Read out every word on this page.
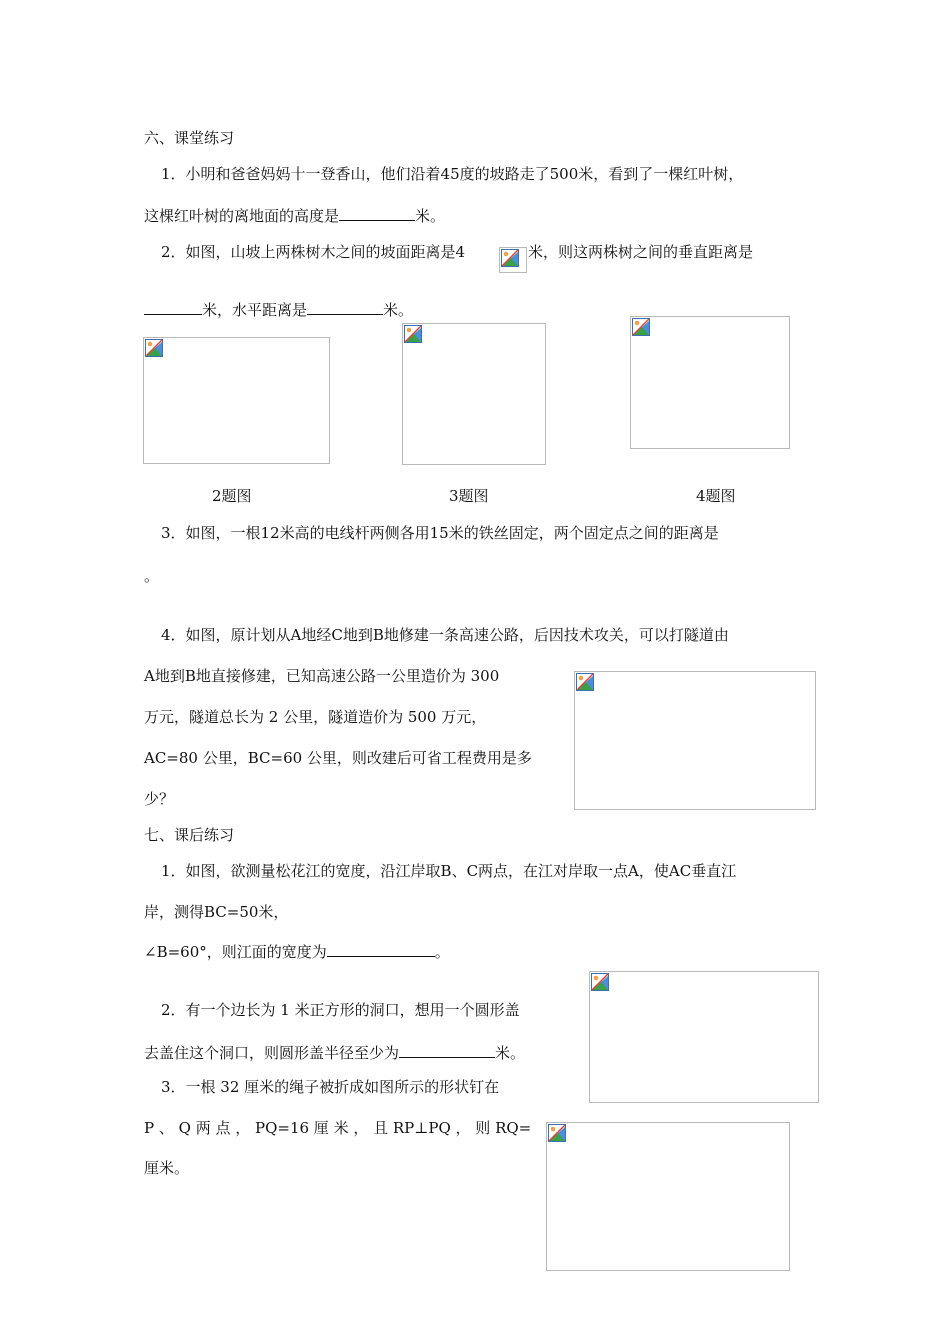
六、课堂练习
1．小明和爸爸妈妈十一登香山，他们沿着45度的坡路走了500米，看到了一棵红叶树，
这棵红叶树的离地面的高度是	米。
2．如图，山坡上两株树木之间的坡面距离是4	米，则这两株树之间的垂直距离是
米，水平距离是	米。
2题图	3题图	4题图
3．如图，一根12米高的电线杆两侧各用15米的铁丝固定，两个固定点之间的距离是
。
4．如图，原计划从A地经C地到B地修建一条高速公路，后因技术攻关，可以打隧道由
A地到B地直接修建，已知高速公路一公里造价为 300
万元，隧道总长为 2 公里，隧道造价为 500 万元，
AC=80 公里，BC=60 公里，则改建后可省工程费用是多
少？
七、课后练习
1．如图，欲测量松花江的宽度，沿江岸取B、C两点，在江对岸取一点A，使AC垂直江
岸，测得BC=50米，
∠B=60°，则江面的宽度为	。
2．有一个边长为 1 米正方形的洞口，想用一个圆形盖
去盖住这个洞口，则圆形盖半径至少为	米。
3．一根 32 厘米的绳子被折成如图所示的形状钉在
P 、 Q 两 点 ， PQ=16 厘 米 ， 且 RP⊥PQ ， 则 RQ=
厘米。
